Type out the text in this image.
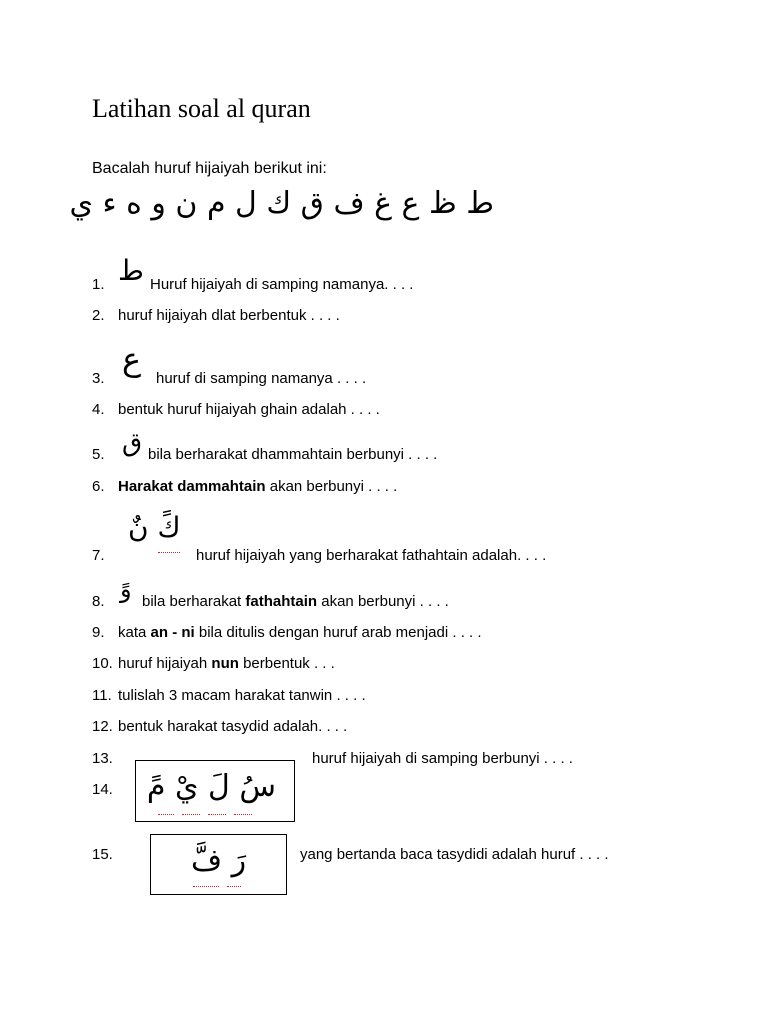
Latihan soal al quran
Bacalah huruf hijaiyah berikut ini:
ط ظ ع غ ف ق ك ل م ن و ه ء ي
1. ط Huruf hijaiyah di samping namanya. . . .
2. huruf hijaiyah dlat berbentuk . . . .
3.
ع
huruf di samping namanya . . . .
4. bentuk huruf hijaiyah ghain adalah . . . .
5. ق bila berharakat dhammahtain berbunyi . . . .
6. Harakat dammahtain akan berbunyi . . . .
7.
كً نٌ
huruf hijaiyah yang berharakat fathahtain adalah. . . .
8. وً bila berharakat fathahtain akan berbunyi . . . .
9. kata an - ni bila ditulis dengan huruf arab menjadi . . . .
10. huruf hijaiyah nun berbentuk . . .
11. tulislah 3 macam harakat tanwin . . . .
12. bentuk harakat tasydid adalah. . . .
13.	huruf hijaiyah di samping berbunyi . . . .
سُ لَ يْ مً
14.
15.	yang bertanda baca tasydidi adalah huruf . . . .
رَ فَّ
